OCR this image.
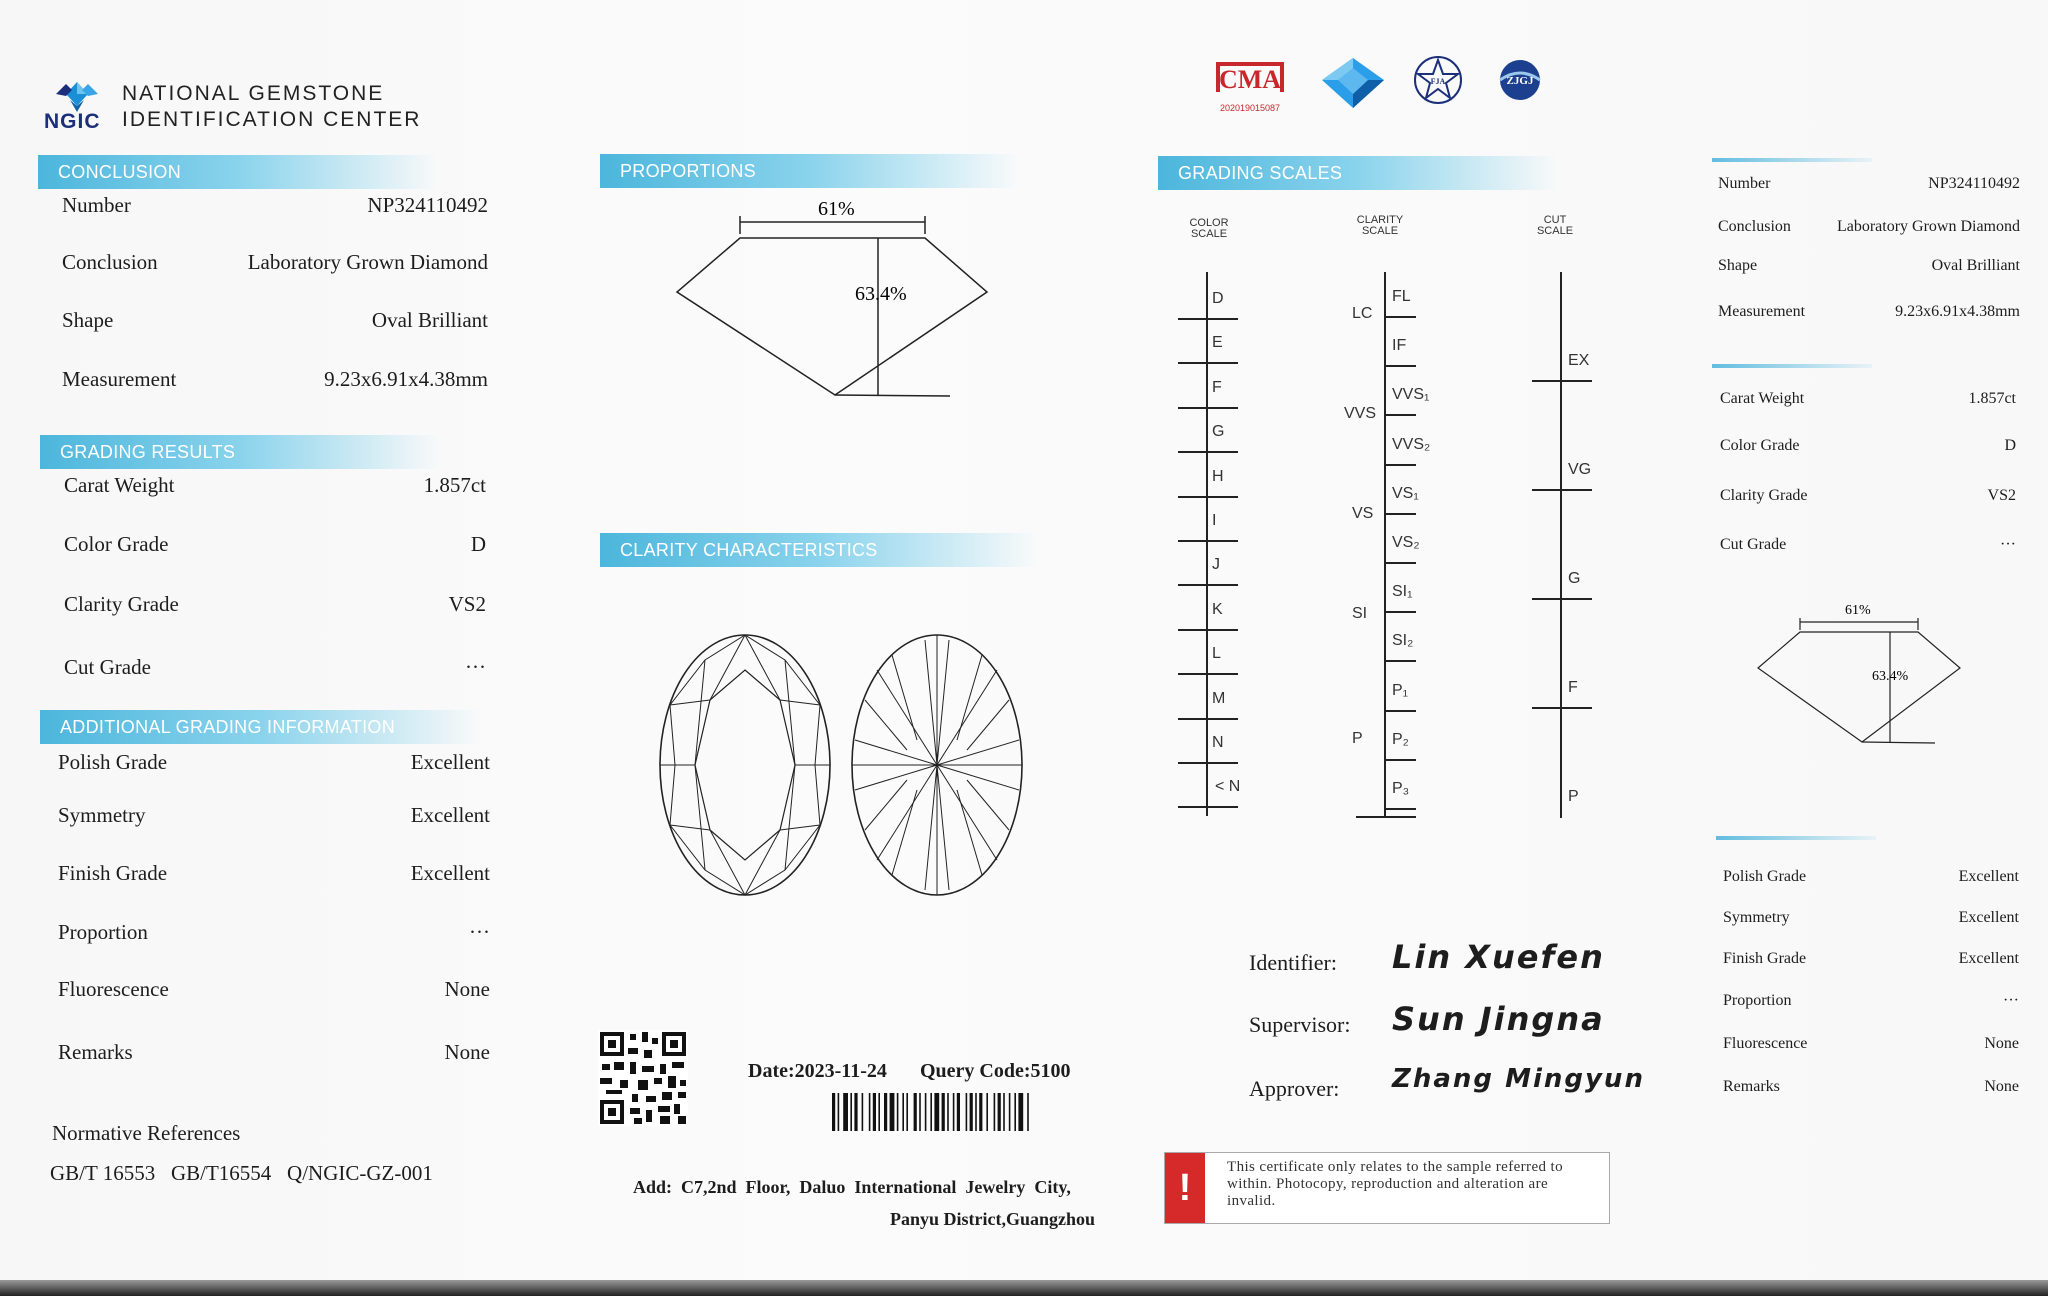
NGIC
NATIONAL GEMSTONE
IDENTIFICATION CENTER
CONCLUSION
Number	NP324110492
Conclusion	Laboratory Grown Diamond
Shape	Oval Brilliant
Measurement	9.23x6.91x4.38mm
GRADING RESULTS
Carat Weight	1.857ct
Color Grade	D
Clarity Grade	VS2
Cut Grade	···
ADDITIONAL GRADING INFORMATION
Polish Grade	Excellent
Symmetry	Excellent
Finish Grade	Excellent
Proportion	···
Fluorescence	None
Remarks	None
Normative References
GB/T 16553   GB/T16554   Q/NGIC-GZ-001
PROPORTIONS
61%
63.4%
CLARITY CHARACTERISTICS
Date:2023-11-24 Query Code:5100
Add:  C7,2nd  Floor,  Daluo  International  Jewelry  City,
Panyu District,Guangzhou
CMA
202019015087
FJA	ZJGJ
GRADING SCALES
COLOR
SCALE
CLARITY
SCALE
CUT
SCALE
D
E
F
G
H
I
J
K
L
M
N
< N
FL
IF
VVS₁
VVS₂
VS₁
VS₂
SI₁
SI₂
P₁
P₂
P₃
LC
VVS
VS
SI
P
EX
VG
G
F
P
Identifier: Lin Xuefen
Supervisor: Sun Jingna
Approver: Zhang Mingyun
!	This certificate only relates to the sample referred to within. Photocopy, reproduction and alteration are invalid.
Number	NP324110492
Conclusion	Laboratory Grown Diamond
Shape	Oval Brilliant
Measurement	9.23x6.91x4.38mm
Carat Weight	1.857ct
Color Grade	D
Clarity Grade	VS2
Cut Grade	···
61%
63.4%
Polish Grade	Excellent
Symmetry	Excellent
Finish Grade	Excellent
Proportion	···
Fluorescence	None
Remarks	None
